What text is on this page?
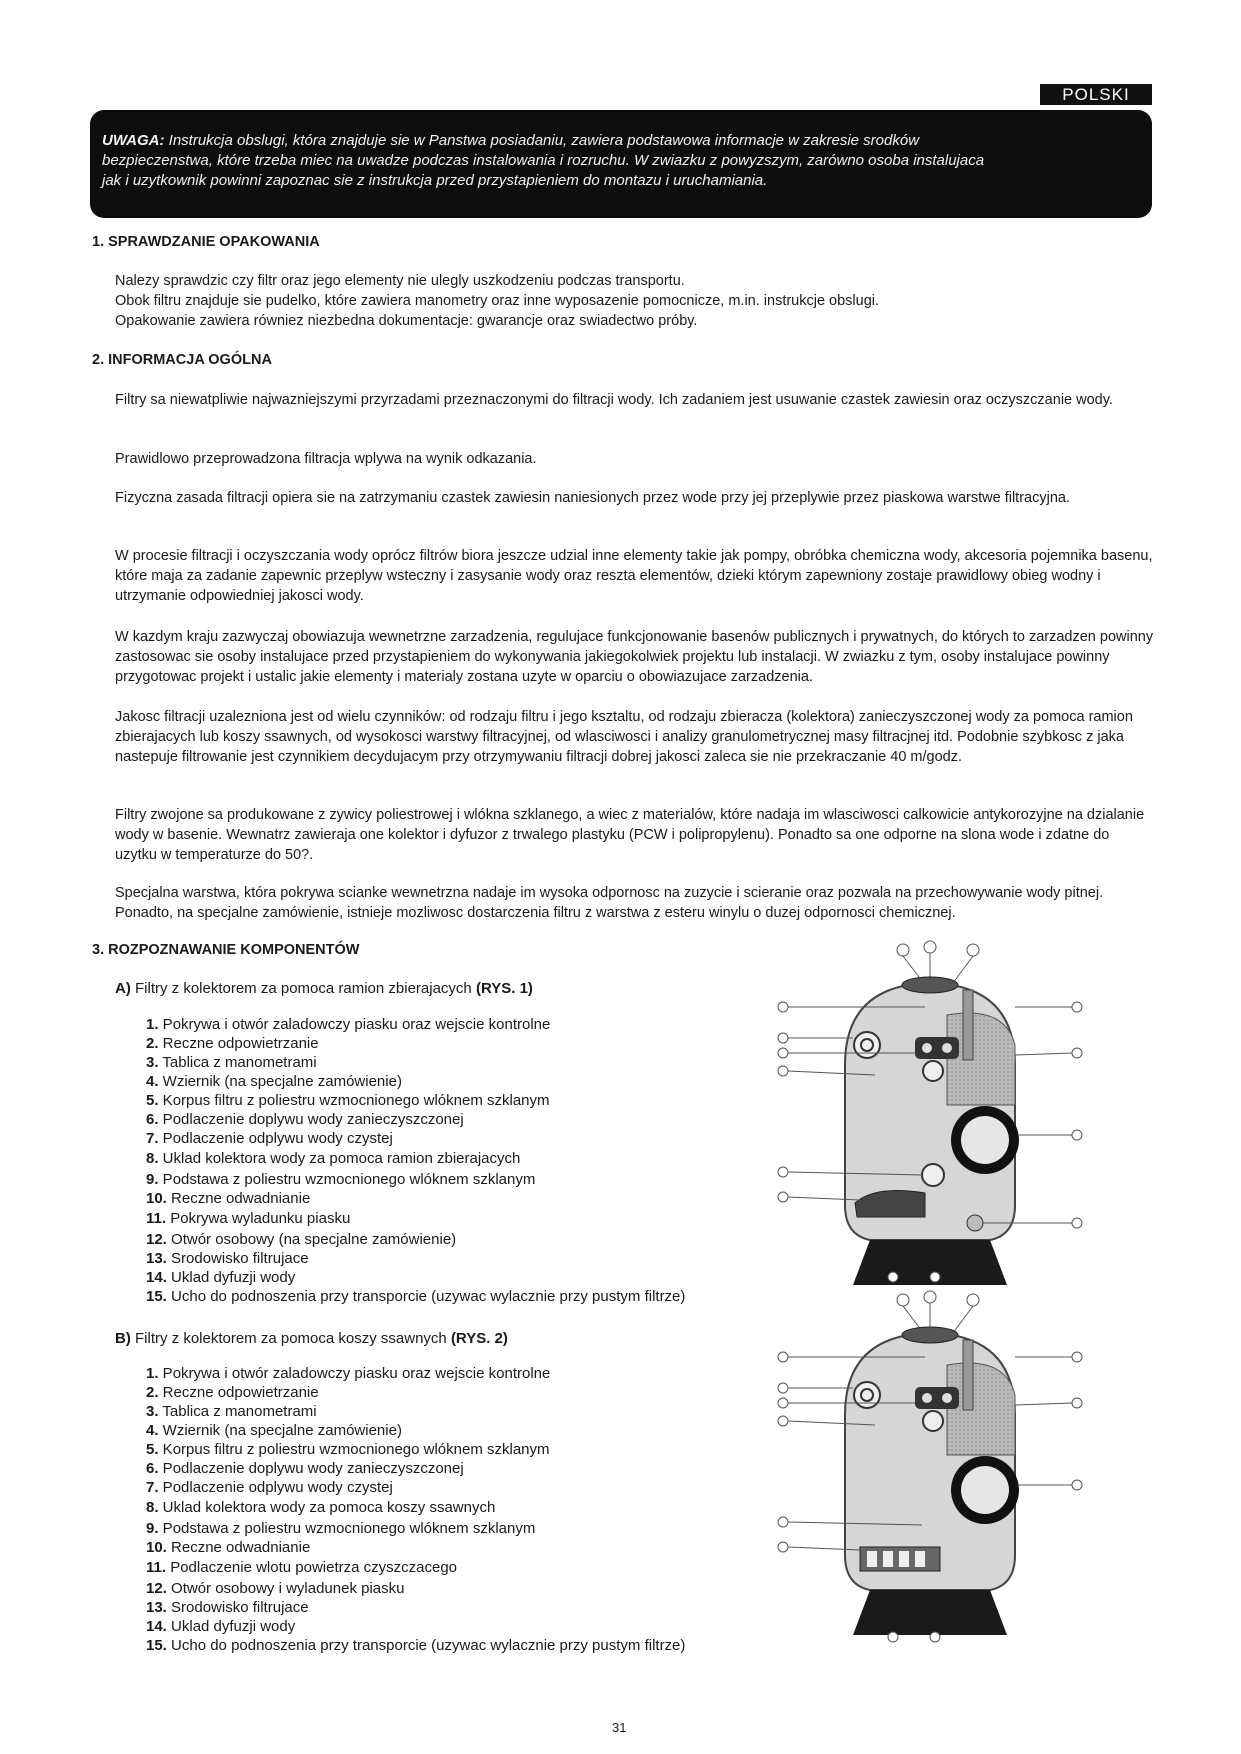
POLSKI
UWAGA: Instrukcja obslugi, która znajduje sie w Panstwa posiadaniu, zawiera podstawowa informacje w zakresie srodków
bezpieczenstwa, które trzeba miec na uwadze podczas instalowania i rozruchu. W zwiazku z powyzszym, zarówno osoba instalujaca
jak i uzytkownik powinni zapoznac sie z instrukcja przed przystapieniem do montazu i uruchamiania.
1. SPRAWDZANIE OPAKOWANIA
Nalezy sprawdzic czy filtr oraz jego elementy nie ulegly uszkodzeniu podczas transportu.
Obok filtru znajduje sie pudelko, które zawiera manometry oraz inne wyposazenie pomocnicze, m.in. instrukcje obslugi.
Opakowanie zawiera równiez niezbedna dokumentacje: gwarancje oraz swiadectwo próby.
2. INFORMACJA OGÓLNA
Filtry sa niewatpliwie najwazniejszymi przyrzadami przeznaczonymi do filtracji wody. Ich zadaniem jest usuwanie czastek zawiesin oraz oczyszczanie wody.
Prawidlowo przeprowadzona filtracja wplywa na wynik odkazania.
Fizyczna zasada filtracji opiera sie na zatrzymaniu czastek zawiesin naniesionych przez wode przy jej przeplywie przez piaskowa warstwe filtracyjna.
W procesie filtracji i oczyszczania wody oprócz filtrów biora jeszcze udzial inne elementy takie jak pompy, obróbka chemiczna wody, akcesoria pojemnika basenu, które maja za zadanie zapewnic przeplyw wsteczny i zasysanie wody oraz reszta elementów, dzieki którym zapewniony zostaje prawidlowy obieg wodny i utrzymanie odpowiedniej jakosci wody.
W kazdym kraju zazwyczaj obowiazuja wewnetrzne zarzadzenia, regulujace funkcjonowanie basenów publicznych i prywatnych, do których to zarzadzen powinny zastosowac sie osoby instalujace przed przystapieniem do wykonywania jakiegokolwiek projektu lub instalacji. W zwiazku z tym, osoby instalujace powinny przygotowac projekt i ustalic jakie elementy i materialy zostana uzyte w oparciu o obowiazujace zarzadzenia.
Jakosc filtracji uzalezniona jest od wielu czynników: od rodzaju filtru i jego ksztaltu, od rodzaju zbieracza (kolektora) zanieczyszczonej wody za pomoca ramion zbierajacych lub koszy ssawnych, od wysokosci warstwy filtracyjnej, od wlasciwosci i analizy granulometrycznej masy filtracjnej itd. Podobnie szybkosc z jaka nastepuje filtrowanie jest czynnikiem decydujacym przy otrzymywaniu filtracji dobrej jakosci zaleca sie nie przekraczanie 40 m/godz.
Filtry zwojone sa produkowane z zywicy poliestrowej i wlókna szklanego, a wiec z materialów, które nadaja im wlasciwosci calkowicie antykorozyjne na dzialanie wody w basenie. Wewnatrz zawieraja one kolektor i dyfuzor z trwalego plastyku (PCW i polipropylenu). Ponadto sa one odporne na slona wode i zdatne do uzytku w temperaturze do 50?.
Specjalna warstwa, która pokrywa scianke wewnetrzna nadaje im wysoka odpornosc na zuzycie i scieranie oraz pozwala na przechowywanie wody pitnej. Ponadto, na specjalne zamówienie, istnieje mozliwosc dostarczenia filtru z warstwa z esteru winylu o duzej odpornosci chemicznej.
3. ROZPOZNAWANIE KOMPONENTÓW
A) Filtry z kolektorem za pomoca ramion zbierajacych (RYS. 1)
1. Pokrywa i otwór zaladowczy piasku oraz wejscie kontrolne
2. Reczne odpowietrzanie
3. Tablica z manometrami
4. Wziernik (na specjalne zamówienie)
5. Korpus filtru z poliestru wzmocnionego wlóknem szklanym
6. Podlaczenie doplywu wody zanieczyszczonej
7. Podlaczenie odplywu wody czystej
8. Uklad kolektora wody za pomoca ramion zbierajacych
9. Podstawa z poliestru wzmocnionego wlóknem szklanym
10. Reczne odwadnianie
11. Pokrywa wyladunku piasku
12. Otwór osobowy (na specjalne zamówienie)
13. Srodowisko filtrujace
14. Uklad dyfuzji wody
15. Ucho do podnoszenia przy transporcie (uzywac wylacznie przy pustym filtrze)
B) Filtry z kolektorem za pomoca koszy ssawnych (RYS. 2)
1. Pokrywa i otwór zaladowczy piasku oraz wejscie kontrolne
2. Reczne odpowietrzanie
3. Tablica z manometrami
4. Wziernik (na specjalne zamówienie)
5. Korpus filtru z poliestru wzmocnionego wlóknem szklanym
6. Podlaczenie doplywu wody zanieczyszczonej
7. Podlaczenie odplywu wody czystej
8. Uklad kolektora wody za pomoca koszy ssawnych
9. Podstawa z poliestru wzmocnionego wlóknem szklanym
10. Reczne odwadnianie
11. Podlaczenie wlotu powietrza czyszczacego
12. Otwór osobowy i wyladunek piasku
13. Srodowisko filtrujace
14. Uklad dyfuzji wody
15. Ucho do podnoszenia przy transporcie (uzywac wylacznie przy pustym filtrze)
31
